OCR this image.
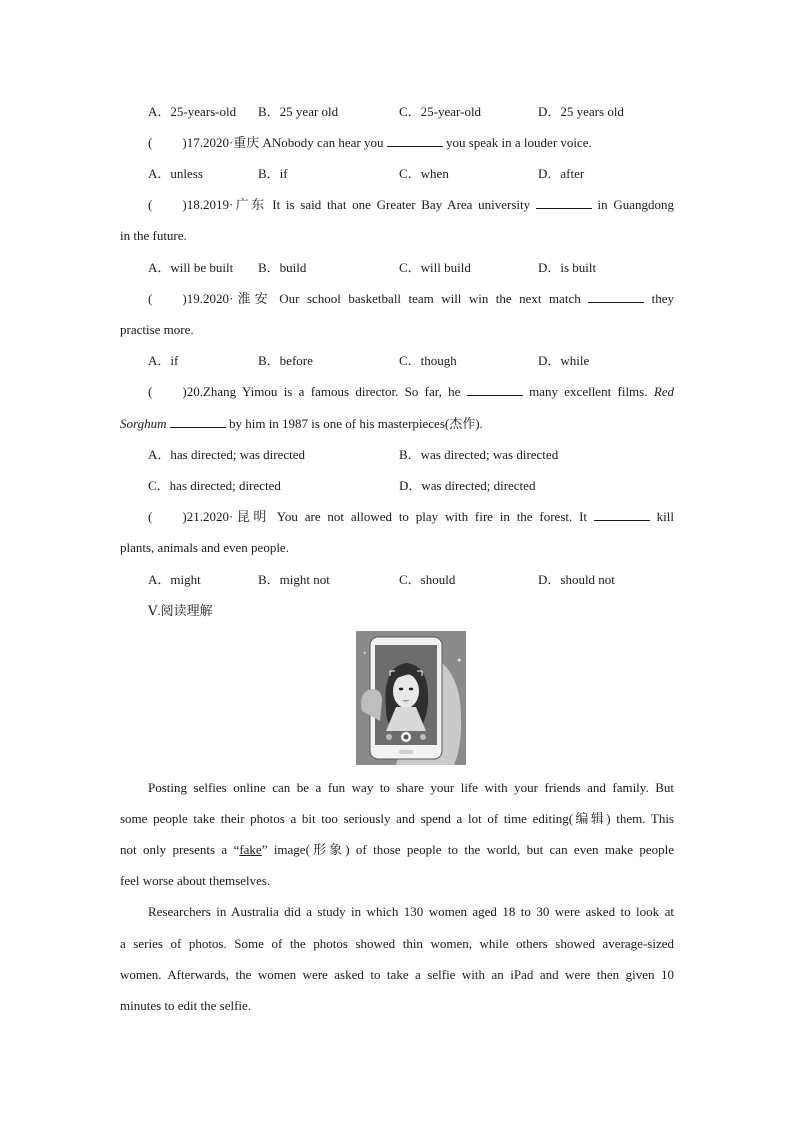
A．25-years-old B．25 year old	C．25-year-old	D．25 years old
( )17.2020·重庆 ANobody can hear you	you speak in a louder voice.
A．unless	B．if	C．when	D．after
( )18.2019·广东 It is said that one Greater Bay Area university	in Guangdong
in the future.
A．will be built B．build	C．will build	D．is built
( )19.2020·淮安 Our school basketball team will win the next match	they
practise more.
A．if	B．before	C．though	D．while
( )20.Zhang Yimou is a famous director. So far, he	many excellent films. Red
Sorghum	by him in 1987 is one of his masterpieces(杰作).
A．has directed; was directed	B．was directed; was directed
C．has directed; directed	D．was directed; directed
( )21.2020·昆明 You are not allowed to play with fire in the forest. It	kill
plants, animals and even people.
A．might	B．might not	C．should	D．should not
Ⅴ.阅读理解
✦
✦
Posting selfies online can be a fun way to share your life with your friends and family. But
some people take their photos a bit too seriously and spend a lot of time editing(编辑) them. This
not only presents a “fake” image(形象) of those people to the world, but can even make people
feel worse about themselves.
Researchers in Australia did a study in which 130 women aged 18 to 30 were asked to look at
a series of photos. Some of the photos showed thin women, while others showed average-sized
women. Afterwards, the women were asked to take a selfie with an iPad and were then given 10
minutes to edit the selfie.
